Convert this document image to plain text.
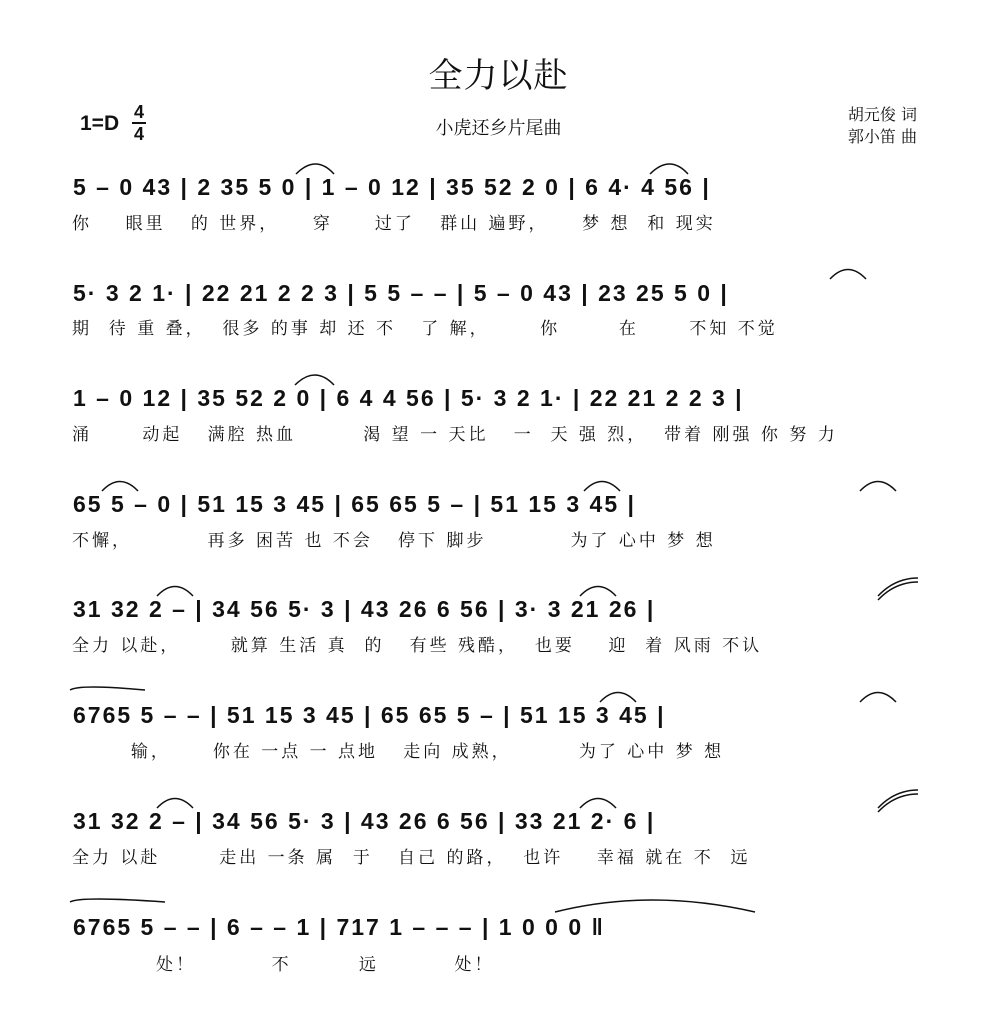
全力以赴
小虎还乡片尾曲
1=D 4
4
胡元俊 词
郭小笛 曲
5 – 0 43 | 2 35 5 0 | 1 – 0 12 | 35 52 2 0 | 6 4· 4 56 |
你    眼里   的 世界，    穿     过了   群山 遍野，    梦 想  和 现实
5· 3 2 1· | 22 21 2 2 3 | 5 5 – – | 5 – 0 43 | 23 25 5 0 |
期  待 重 叠，  很多 的事 却 还 不   了 解，      你       在      不知 不觉
1 – 0 12 | 35 52 2 0 | 6 4 4 56 | 5· 3 2 1· | 22 21 2 2 3 |
涌      动起   满腔 热血        渴 望 一 天比   一  天 强 烈，  带着 刚强 你 努 力
65 5 – 0 | 51 15 3 45 | 65 65 5 – | 51 15 3 45 |
不懈，         再多 困苦 也 不会   停下 脚步          为了 心中 梦 想
31 32 2 – | 34 56 5· 3 | 43 26 6 56 | 3· 3 21 26 |
全力 以赴，      就算 生活 真  的   有些 残酷，  也要    迎  着 风雨 不认
6765 5 – – | 51 15 3 45 | 65 65 5 – | 51 15 3 45 |
输，     你在 一点 一 点地   走向 成熟，        为了 心中 梦 想
31 32 2 – | 34 56 5· 3 | 43 26 6 56 | 33 21 2· 6 |
全力 以赴       走出 一条 属  于   自己 的路，  也许    幸福 就在 不  远
6765 5 – – | 6 – – 1 | 717 1 – – – | 1 0 0 0 ‖
处！         不        远         处！
